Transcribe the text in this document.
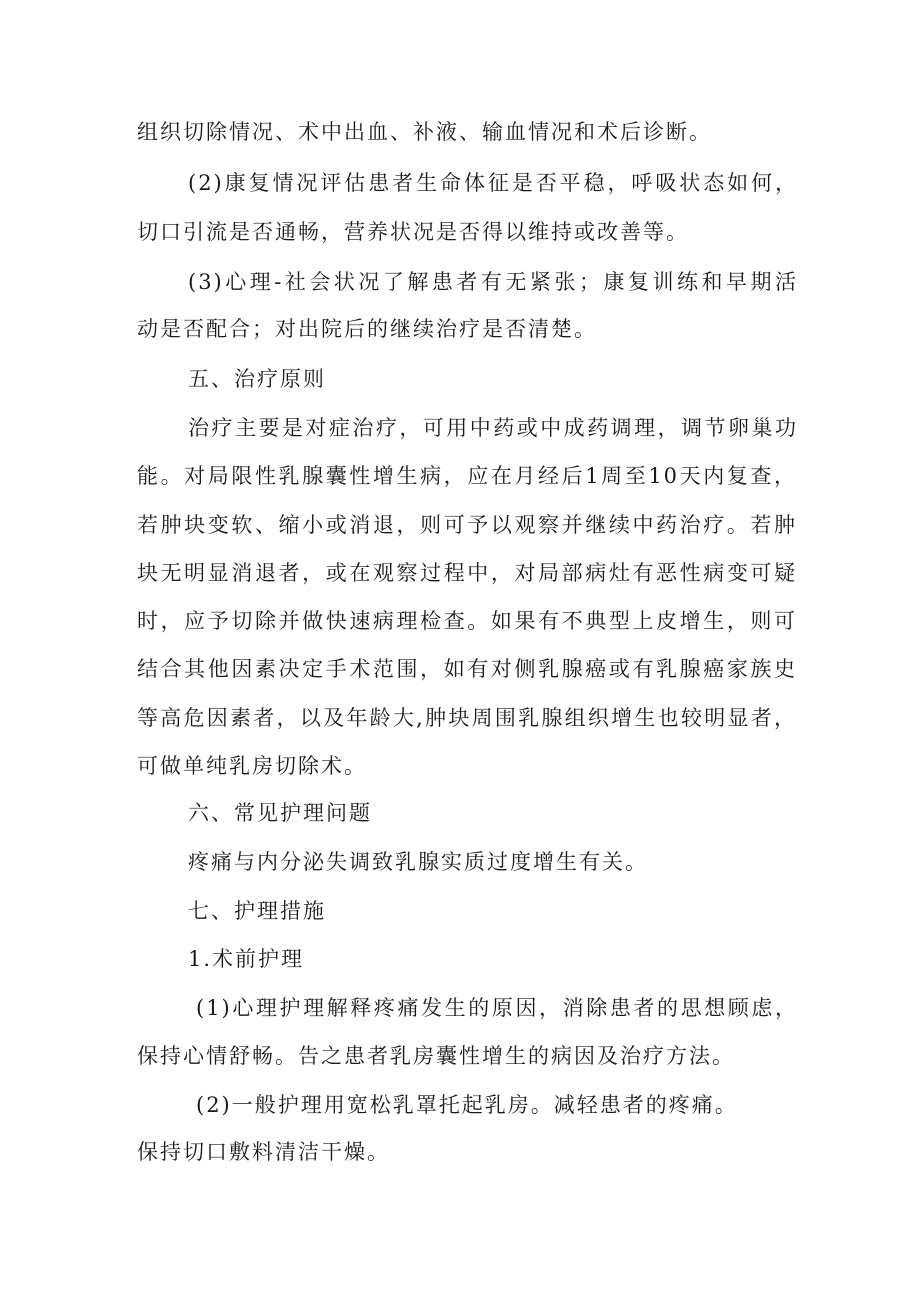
组织切除情况、术中出血、补液、输血情况和术后诊断。
(2)康复情况评估患者生命体征是否平稳，呼吸状态如何，
切口引流是否通畅，营养状况是否得以维持或改善等。
(3)心理-社会状况了解患者有无紧张；康复训练和早期活
动是否配合；对出院后的继续治疗是否清楚。
五、治疗原则
治疗主要是对症治疗，可用中药或中成药调理，调节卵巢功
能。对局限性乳腺囊性增生病，应在月经后1周至10天内复查，
若肿块变软、缩小或消退，则可予以观察并继续中药治疗。若肿
块无明显消退者，或在观察过程中，对局部病灶有恶性病变可疑
时，应予切除并做快速病理检查。如果有不典型上皮增生，则可
结合其他因素决定手术范围，如有对侧乳腺癌或有乳腺癌家族史
等高危因素者，以及年龄大,肿块周围乳腺组织增生也较明显者，
可做单纯乳房切除术。
六、常见护理问题
疼痛与内分泌失调致乳腺实质过度增生有关。
七、护理措施
1.术前护理
(1)心理护理解释疼痛发生的原因，消除患者的思想顾虑，
保持心情舒畅。告之患者乳房囊性增生的病因及治疗方法。
(2)一般护理用宽松乳罩托起乳房。减轻患者的疼痛。
保持切口敷料清洁干燥。
